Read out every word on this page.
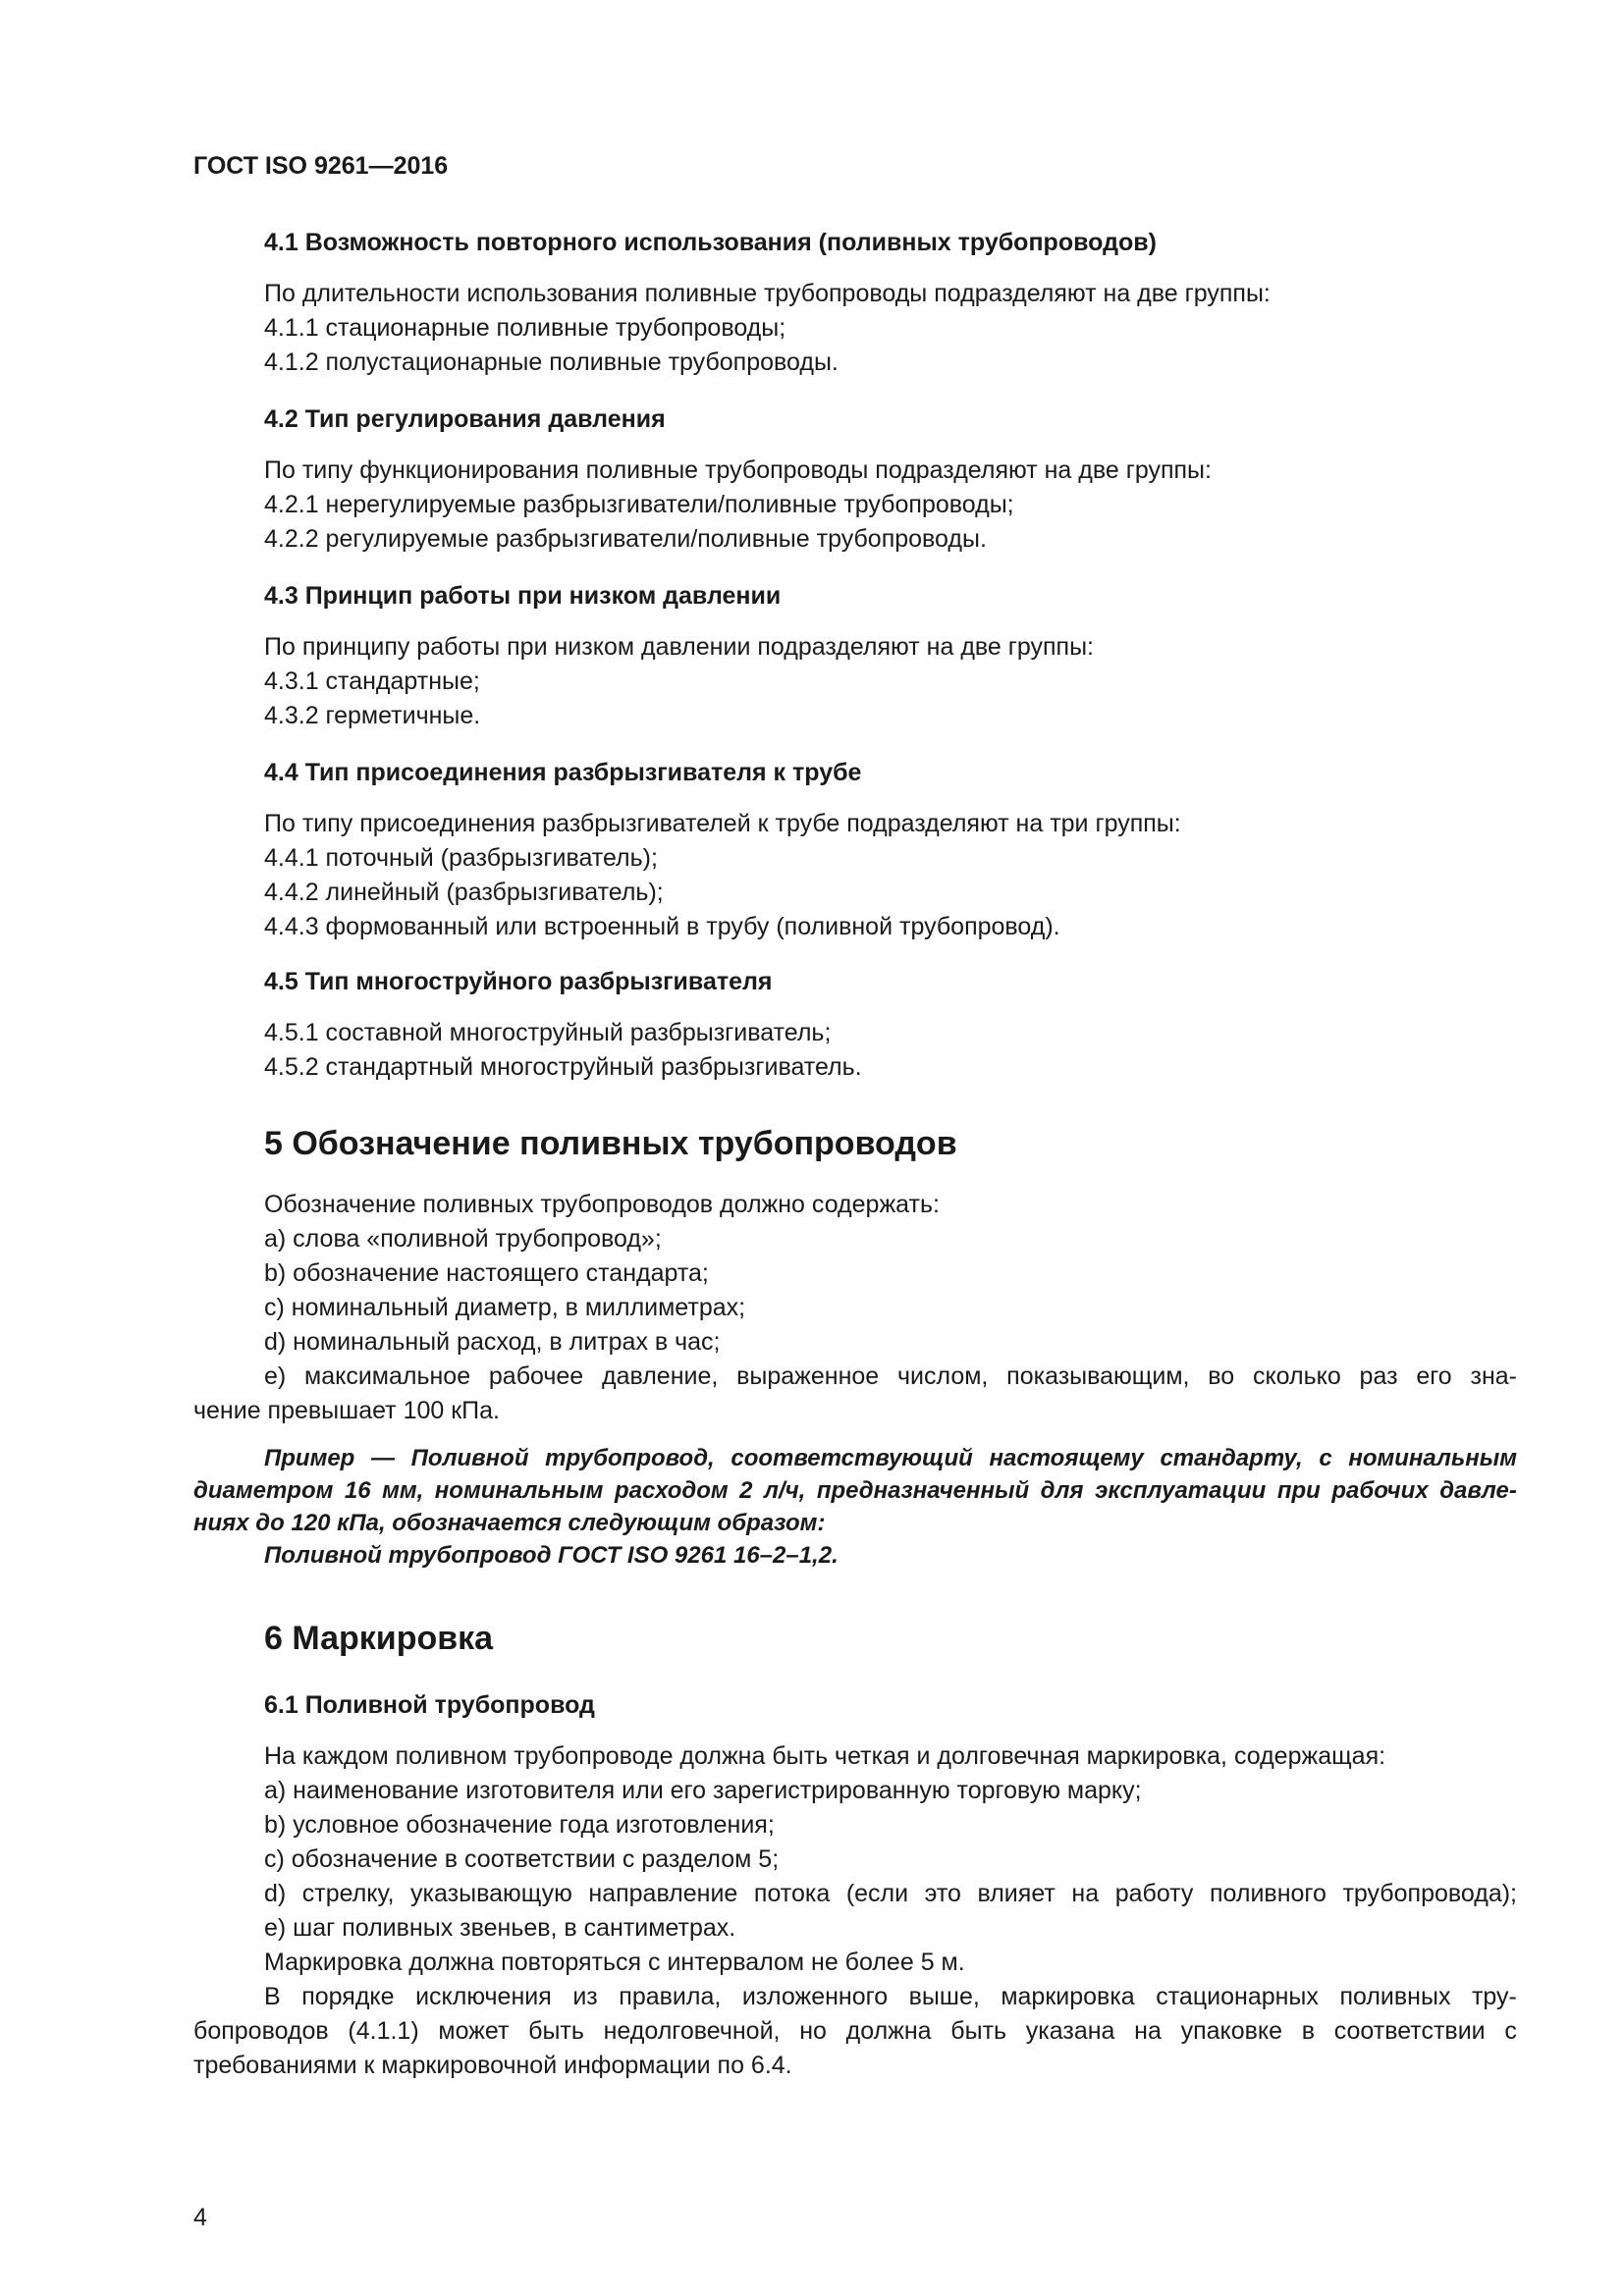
ГОСТ ISO 9261—2016
4.1 Возможность повторного использования (поливных трубопроводов)
По длительности использования поливные трубопроводы подразделяют на две группы:
4.1.1 стационарные поливные трубопроводы;
4.1.2 полустационарные поливные трубопроводы.
4.2 Тип регулирования давления
По типу функционирования поливные трубопроводы подразделяют на две группы:
4.2.1 нерегулируемые разбрызгиватели/поливные трубопроводы;
4.2.2 регулируемые разбрызгиватели/поливные трубопроводы.
4.3 Принцип работы при низком давлении
По принципу работы при низком давлении подразделяют на две группы:
4.3.1 стандартные;
4.3.2 герметичные.
4.4 Тип присоединения разбрызгивателя к трубе
По типу присоединения разбрызгивателей к трубе подразделяют на три группы:
4.4.1 поточный (разбрызгиватель);
4.4.2 линейный (разбрызгиватель);
4.4.3 формованный или встроенный в трубу (поливной трубопровод).
4.5 Тип многоструйного разбрызгивателя
4.5.1 составной многоструйный разбрызгиватель;
4.5.2 стандартный многоструйный разбрызгиватель.
5 Обозначение поливных трубопроводов
Обозначение поливных трубопроводов должно содержать:
a) слова «поливной трубопровод»;
b) обозначение настоящего стандарта;
c) номинальный диаметр, в миллиметрах;
d) номинальный расход, в литрах в час;
e) максимальное рабочее давление, выраженное числом, показывающим, во сколько раз его зна-
чение превышает 100 кПа.
Пример — Поливной трубопровод, соответствующий настоящему стандарту, с номинальным
диаметром 16 мм, номинальным расходом 2 л/ч, предназначенный для эксплуатации при рабочих давле-
ниях до 120 кПа, обозначается следующим образом:
Поливной трубопровод ГОСТ ISO 9261 16–2–1,2.
6 Маркировка
6.1 Поливной трубопровод
На каждом поливном трубопроводе должна быть четкая и долговечная маркировка, содержащая:
a) наименование изготовителя или его зарегистрированную торговую марку;
b) условное обозначение года изготовления;
c) обозначение в соответствии с разделом 5;
d) стрелку, указывающую направление потока (если это влияет на работу поливного трубопровода);
e) шаг поливных звеньев, в сантиметрах.
Маркировка должна повторяться с интервалом не более 5 м.
В порядке исключения из правила, изложенного выше, маркировка стационарных поливных тру-
бопроводов (4.1.1) может быть недолговечной, но должна быть указана на упаковке в соответствии с
требованиями к маркировочной информации по 6.4.
4
